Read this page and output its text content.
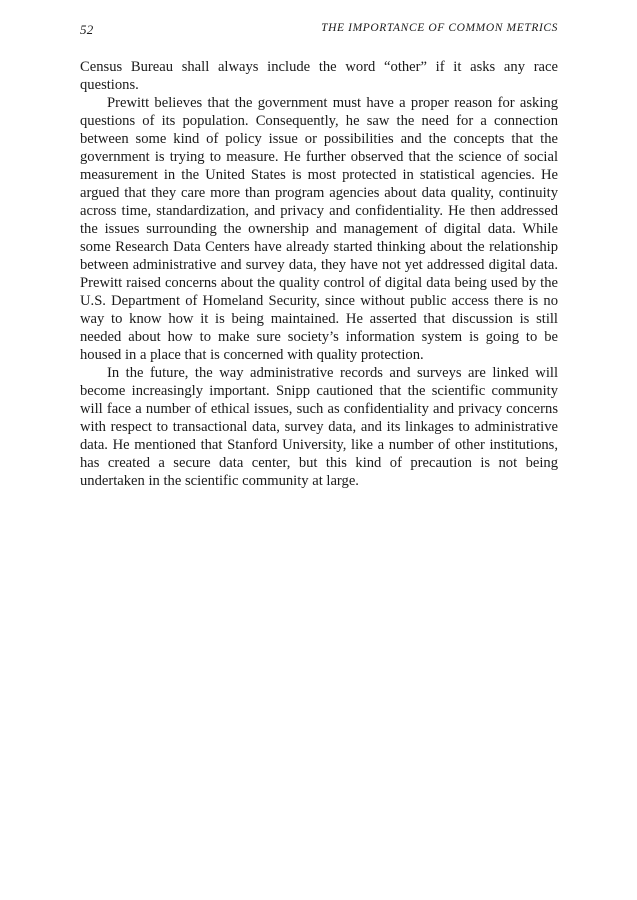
52	THE IMPORTANCE OF COMMON METRICS

Census Bureau shall always include the word “other” if it asks any race questions.

Prewitt believes that the government must have a proper reason for asking questions of its population. Consequently, he saw the need for a connection between some kind of policy issue or possibilities and the concepts that the government is trying to measure. He further observed that the science of social measurement in the United States is most protected in statistical agencies. He argued that they care more than program agencies about data quality, continuity across time, standardization, and privacy and confidentiality. He then addressed the issues surrounding the ownership and management of digital data. While some Research Data Centers have already started thinking about the relationship between administrative and survey data, they have not yet addressed digital data. Prewitt raised concerns about the quality control of digital data being used by the U.S. Department of Homeland Security, since without public access there is no way to know how it is being maintained. He asserted that discussion is still needed about how to make sure society’s information system is going to be housed in a place that is concerned with quality protection.

In the future, the way administrative records and surveys are linked will become increasingly important. Snipp cautioned that the scientific community will face a number of ethical issues, such as confidentiality and privacy concerns with respect to transactional data, survey data, and its linkages to administrative data. He mentioned that Stanford University, like a number of other institutions, has created a secure data center, but this kind of precaution is not being undertaken in the scientific community at large.
